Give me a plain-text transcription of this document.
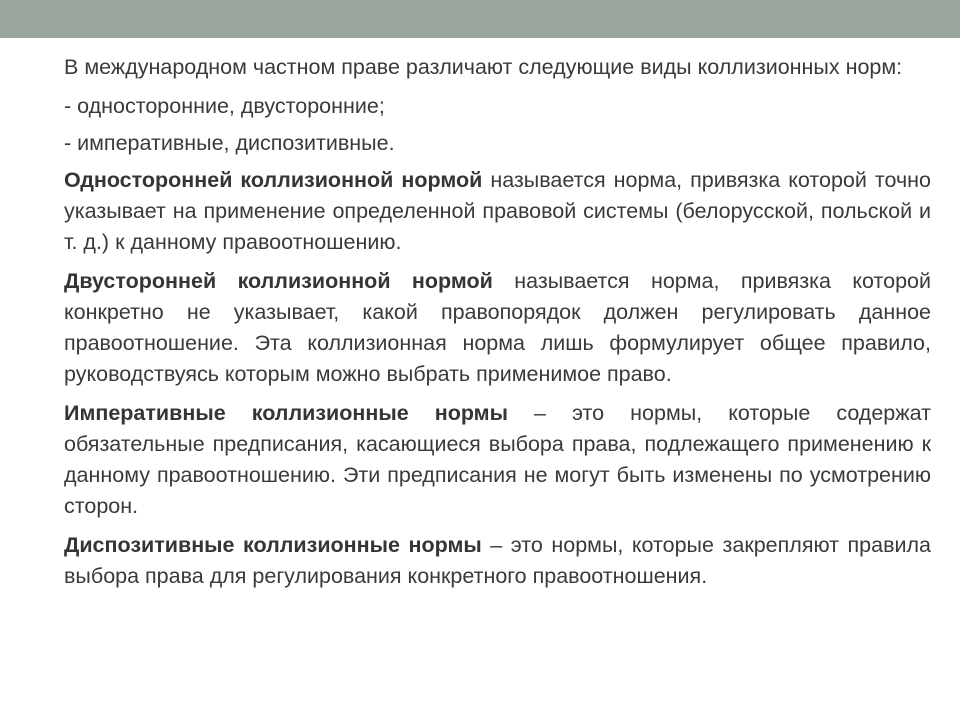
В международном частном праве различают следующие виды коллизионных норм:

- односторонние, двусторонние;

- императивные, диспозитивные.

Односторонней коллизионной нормой называется норма, привязка которой точно указывает на применение определенной правовой системы (белорусской, польской и т. д.) к данному правоотношению.

Двусторонней коллизионной нормой называется норма, привязка которой конкретно не указывает, какой правопорядок должен регулировать данное правоотношение. Эта коллизионная норма лишь формулирует общее правило, руководствуясь которым можно выбрать применимое право.

Императивные коллизионные нормы – это нормы, которые содержат обязательные предписания, касающиеся выбора права, подлежащего применению к данному правоотношению. Эти предписания не могут быть изменены по усмотрению сторон.

Диспозитивные коллизионные нормы – это нормы, которые закрепляют правила выбора права для регулирования конкретного правоотношения.
